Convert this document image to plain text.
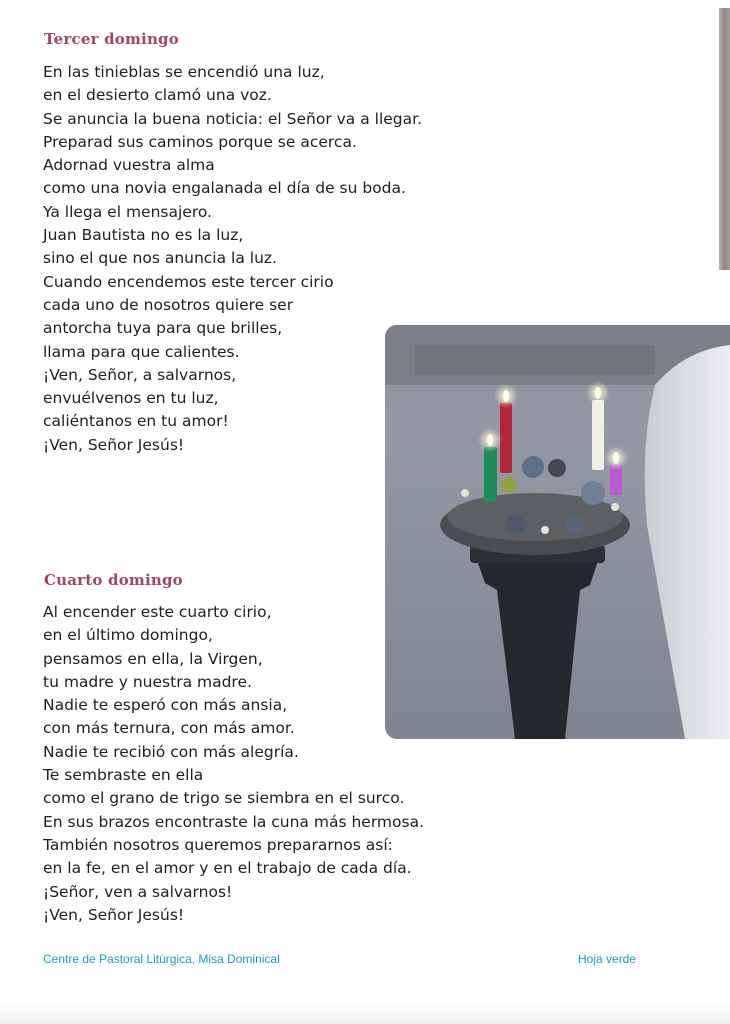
Tercer domingo
En las tinieblas se encendió una luz,
en el desierto clamó una voz.
Se anuncia la buena noticia: el Señor va a llegar.
Preparad sus caminos porque se acerca.
Adornad vuestra alma
como una novia engalanada el día de su boda.
Ya llega el mensajero.
Juan Bautista no es la luz,
sino el que nos anuncia la luz.
Cuando encendemos este tercer cirio
cada uno de nosotros quiere ser
antorcha tuya para que brilles,
llama para que calientes.
¡Ven, Señor, a salvarnos,
envuélvenos en tu luz,
caliéntanos en tu amor!
¡Ven, Señor Jesús!
Cuarto domingo
Al encender este cuarto cirio,
en el último domingo,
pensamos en ella, la Virgen,
tu madre y nuestra madre.
Nadie te esperó con más ansia,
con más ternura, con más amor.
Nadie te recibió con más alegría.
Te sembraste en ella
como el grano de trigo se siembra en el surco.
En sus brazos encontraste la cuna más hermosa.
También nosotros queremos prepararnos así:
en la fe, en el amor y en el trabajo de cada día.
¡Señor, ven a salvarnos!
¡Ven, Señor Jesús!
Centre de Pastoral Litúrgica, Misa Dominical	Hoja verde
